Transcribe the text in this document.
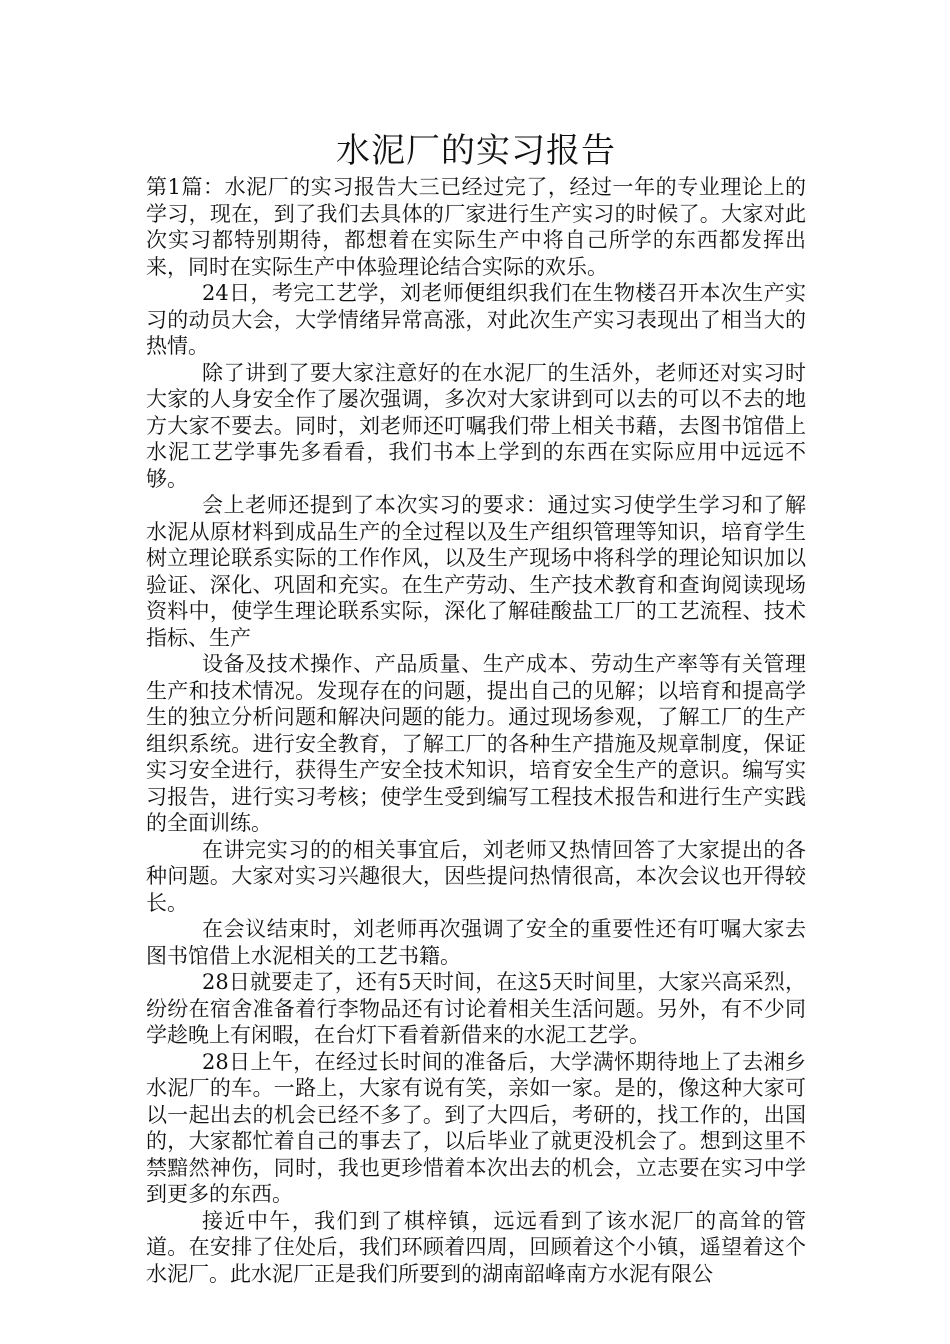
水泥厂的实习报告

第1篇：水泥厂的实习报告大三已经过完了，经过一年的专业理论上的学习，现在，到了我们去具体的厂家进行生产实习的时候了。大家对此次实习都特别期待，都想着在实际生产中将自己所学的东西都发挥出来，同时在实际生产中体验理论结合实际的欢乐。

24日，考完工艺学，刘老师便组织我们在生物楼召开本次生产实习的动员大会，大学情绪异常高涨，对此次生产实习表现出了相当大的热情。

除了讲到了要大家注意好的在水泥厂的生活外，老师还对实习时大家的人身安全作了屡次强调，多次对大家讲到可以去的可以不去的地方大家不要去。同时，刘老师还叮嘱我们带上相关书藉，去图书馆借上水泥工艺学事先多看看，我们书本上学到的东西在实际应用中远远不够。

会上老师还提到了本次实习的要求：通过实习使学生学习和了解水泥从原材料到成品生产的全过程以及生产组织管理等知识，培育学生树立理论联系实际的工作作风，以及生产现场中将科学的理论知识加以验证、深化、巩固和充实。在生产劳动、生产技术教育和查询阅读现场资料中，使学生理论联系实际，深化了解硅酸盐工厂的工艺流程、技术指标、生产

设备及技术操作、产品质量、生产成本、劳动生产率等有关管理生产和技术情况。发现存在的问题，提出自己的见解；以培育和提高学生的独立分析问题和解决问题的能力。通过现场参观，了解工厂的生产组织系统。进行安全教育，了解工厂的各种生产措施及规章制度，保证实习安全进行，获得生产安全技术知识，培育安全生产的意识。编写实习报告，进行实习考核；使学生受到编写工程技术报告和进行生产实践的全面训练。

在讲完实习的的相关事宜后，刘老师又热情回答了大家提出的各种问题。大家对实习兴趣很大，因些提问热情很高，本次会议也开得较长。

在会议结束时，刘老师再次强调了安全的重要性还有叮嘱大家去图书馆借上水泥相关的工艺书籍。

28日就要走了，还有5天时间，在这5天时间里，大家兴高采烈，纷纷在宿舍准备着行李物品还有讨论着相关生活问题。另外，有不少同学趁晚上有闲暇，在台灯下看着新借来的水泥工艺学。

28日上午，在经过长时间的准备后，大学满怀期待地上了去湘乡水泥厂的车。一路上，大家有说有笑，亲如一家。是的，像这种大家可以一起出去的机会已经不多了。到了大四后，考研的，找工作的，出国的，大家都忙着自己的事去了，以后毕业了就更没机会了。想到这里不禁黯然神伤，同时，我也更珍惜着本次出去的机会，立志要在实习中学到更多的东西。

接近中午，我们到了棋梓镇，远远看到了该水泥厂的高耸的管道。在安排了住处后，我们环顾着四周，回顾着这个小镇，遥望着这个水泥厂。此水泥厂正是我们所要到的湖南韶峰南方水泥有限公
